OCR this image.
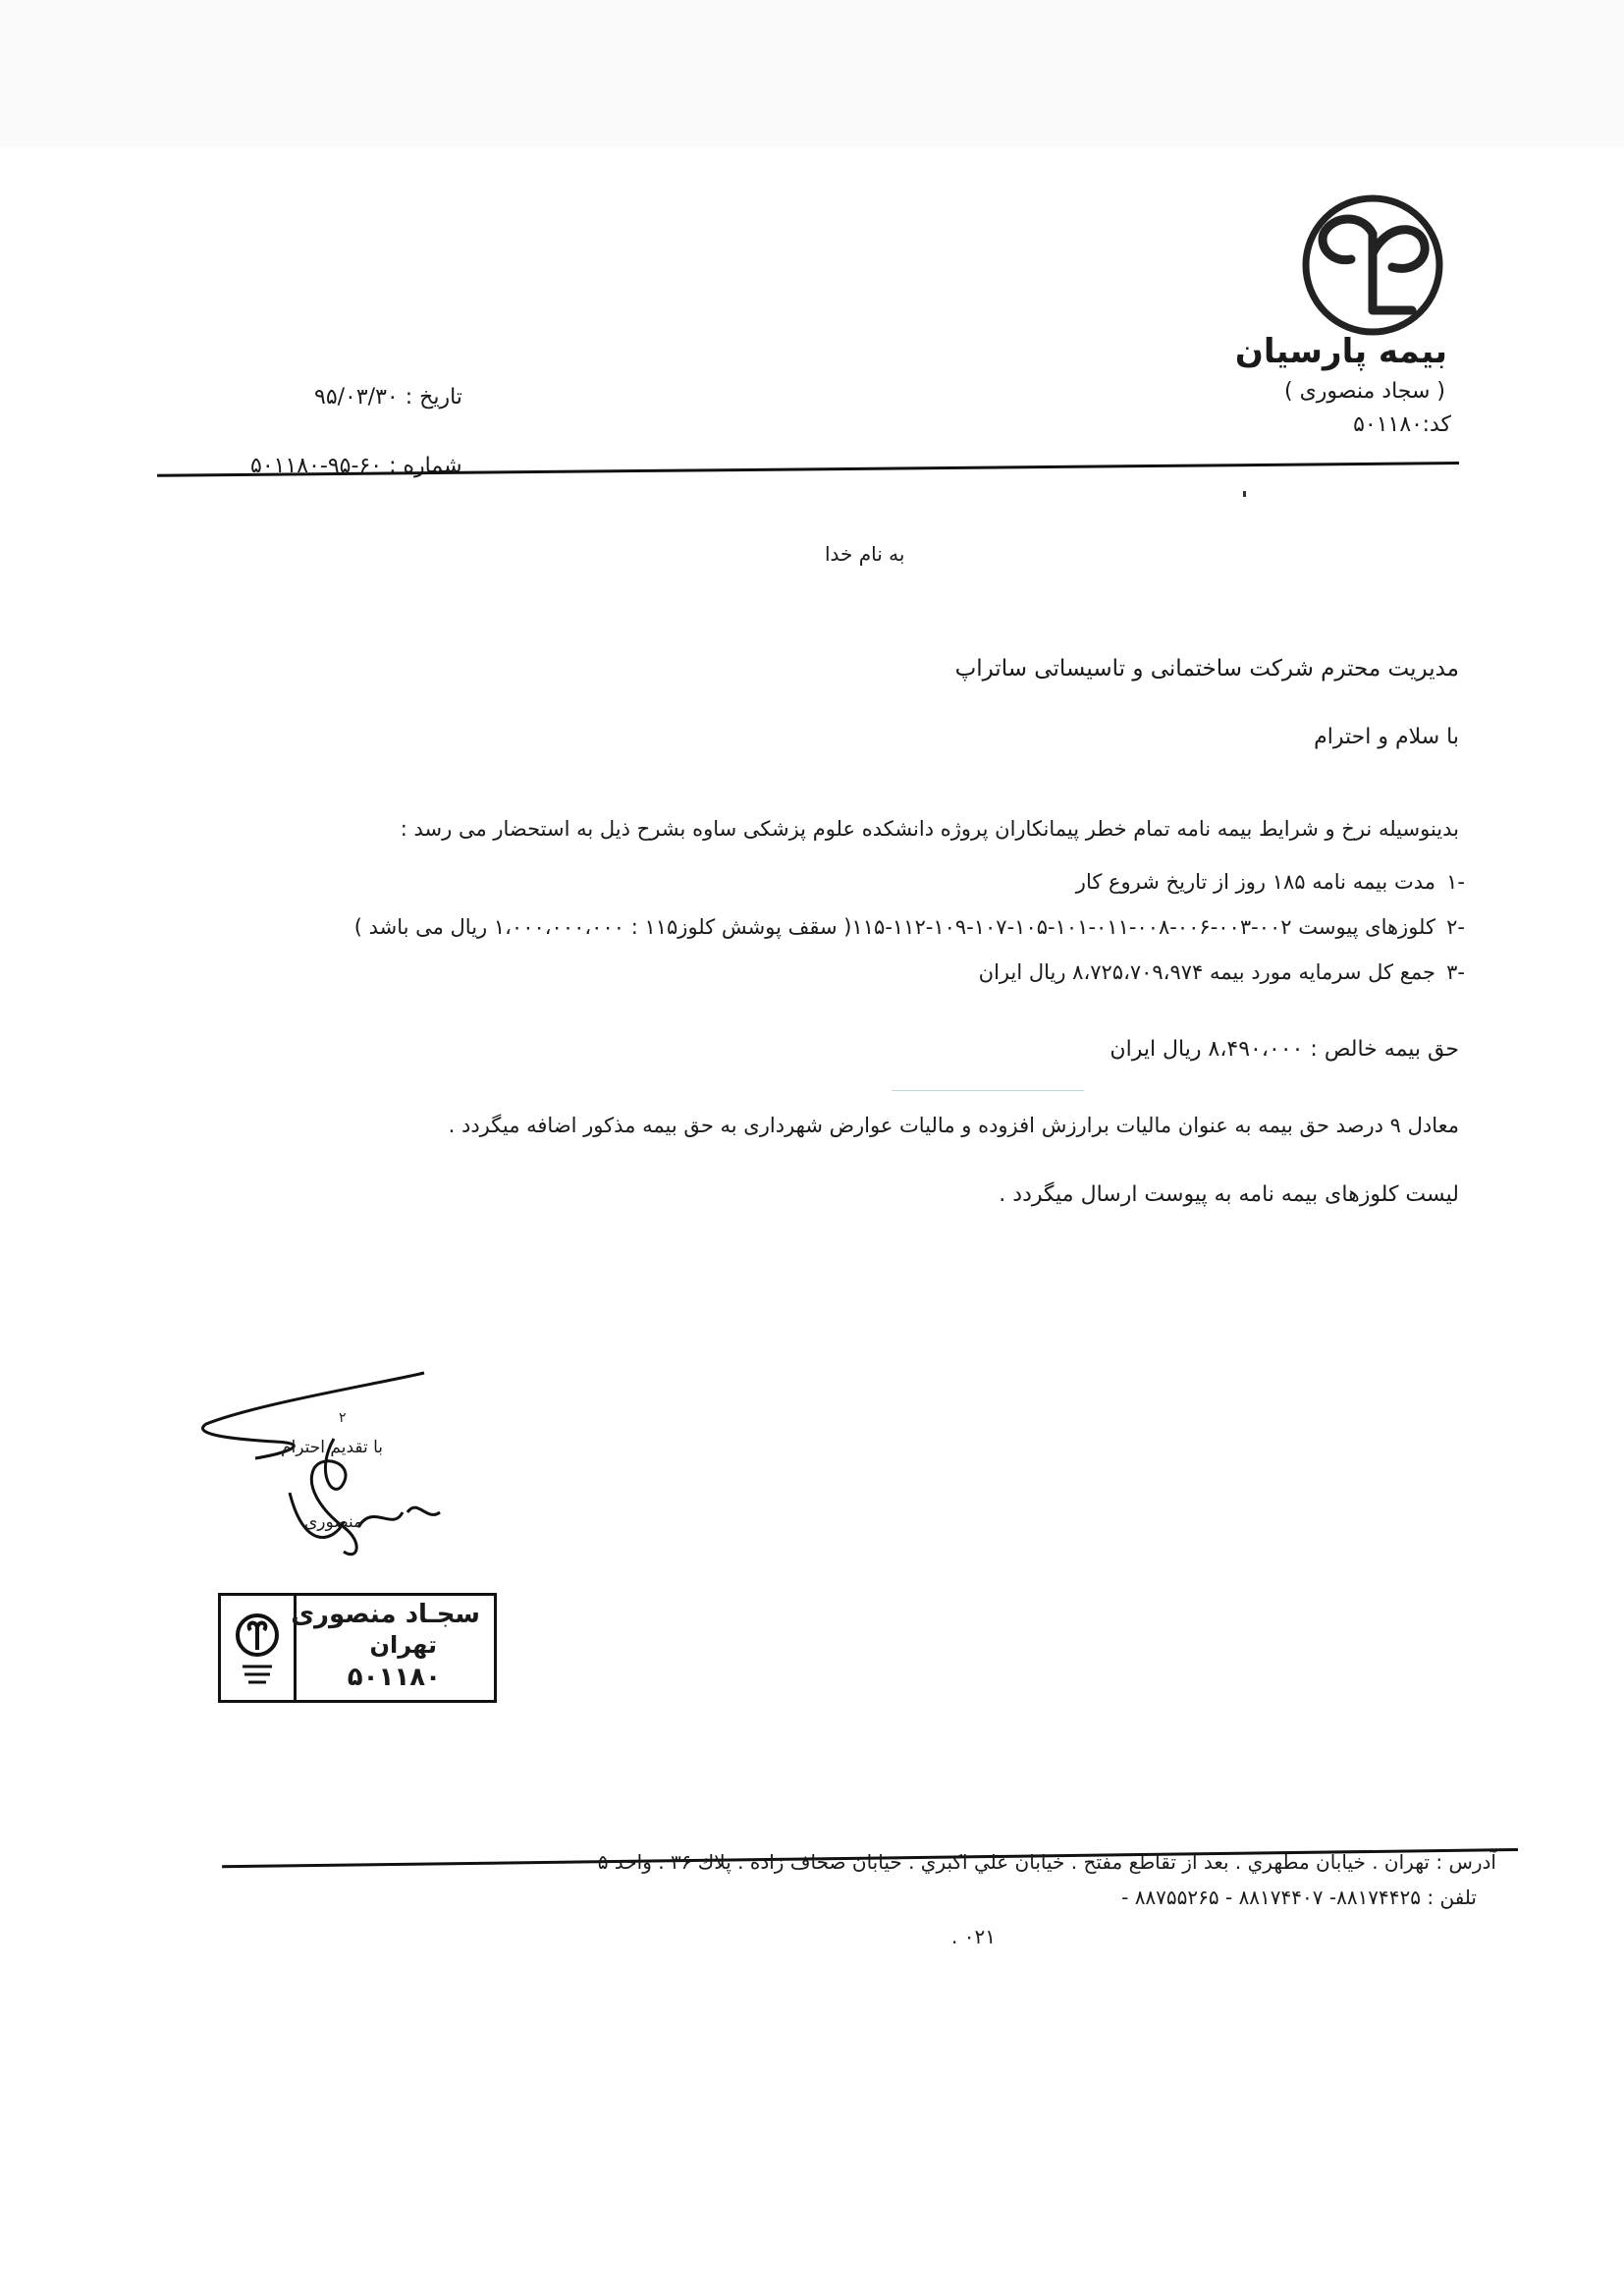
بیمه پارسیان
( سجاد منصوری )
کد:
۵۰۱۱۸۰
تاریخ : ۹۵/۰۳/۳۰
شماره : ۶۰-۹۵-۵۰۱۱۸۰
به نام خدا
مدیریت محترم شرکت ساختمانی و تاسیساتی ساتراپ
با سلام و احترام
بدینوسیله نرخ و شرایط بیمه نامه تمام خطر پیمانکاران پروژه دانشکده علوم پزشکی ساوه بشرح ذیل به استحضار می رسد :
-۱
مدت بیمه نامه ۱۸۵ روز از تاریخ شروع کار
-۲
کلوزهای پیوست ۰۰۲-۰۰۳-۰۰۶-۰۰۸-۰۱۱-۱۰۱-۱۰۵-۱۰۷-۱۰۹-۱۱۲-۱۱۵( سقف پوشش کلوز۱۱۵ : ۱،۰۰۰،۰۰۰،۰۰۰ ریال می باشد )
-۳
جمع کل سرمایه مورد بیمه ۸،۷۲۵،۷۰۹،۹۷۴ ریال ایران
حق بیمه خالص : ۸،۴۹۰،۰۰۰ ریال ایران
معادل ۹ درصد حق بیمه به عنوان مالیات برارزش افزوده و مالیات عوارض شهرداری به حق بیمه مذکور اضافه میگردد .
لیست کلوزهای بیمه نامه به پیوست ارسال میگردد .
۲
با تقدیم احترام
منصوری
سجـاد منصوری
تهران
۵۰۱۱۸۰
آدرس : تهران . خیابان مطهري . بعد از تقاطع مفتح . خیابان علي اكبري . خیابان صحاف زاده . پلاك ۳۶ . واحد ۵
تلفن : ۸۸۱۷۴۴۲۵- ۸۸۱۷۴۴۰۷ - ۸۸۷۵۵۲۶۵ -
۰۲۱ .
